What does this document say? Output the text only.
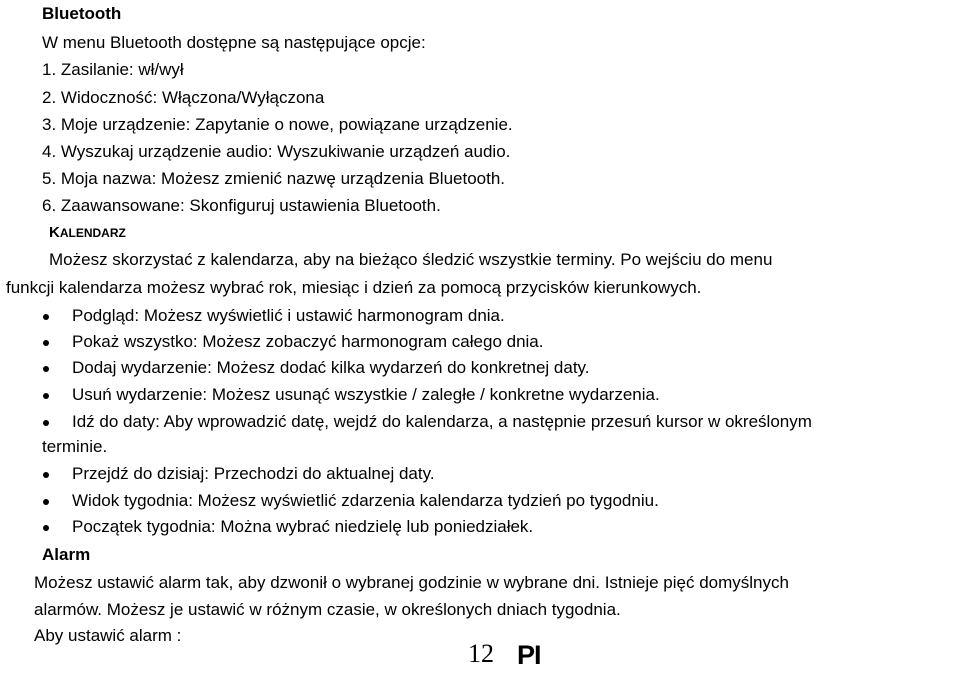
Bluetooth
W menu Bluetooth dostępne są następujące opcje:
1. Zasilanie: wł/wył
2. Widoczność: Włączona/Wyłączona
3. Moje urządzenie: Zapytanie o nowe, powiązane urządzenie.
4. Wyszukaj urządzenie audio: Wyszukiwanie urządzeń audio.
5. Moja nazwa: Możesz zmienić nazwę urządzenia Bluetooth.
6. Zaawansowane: Skonfiguruj ustawienia Bluetooth.
KALENDARZ
Możesz skorzystać z kalendarza, aby na bieżąco śledzić wszystkie terminy. Po wejściu do menu
funkcji kalendarza możesz wybrać rok, miesiąc i dzień za pomocą przycisków kierunkowych.
Podgląd: Możesz wyświetlić i ustawić harmonogram dnia.
Pokaż wszystko: Możesz zobaczyć harmonogram całego dnia.
Dodaj wydarzenie: Możesz dodać kilka wydarzeń do konkretnej daty.
Usuń wydarzenie: Możesz usunąć wszystkie / zaległe / konkretne wydarzenia.
Idź do daty: Aby wprowadzić datę, wejdź do kalendarza, a następnie przesuń kursor w określonym
terminie.
Przejdź do dzisiaj: Przechodzi do aktualnej daty.
Widok tygodnia: Możesz wyświetlić zdarzenia kalendarza tydzień po tygodniu.
Początek tygodnia: Można wybrać niedzielę lub poniedziałek.
Alarm
Możesz ustawić alarm tak, aby dzwonił o wybranej godzinie w wybrane dni. Istnieje pięć domyślnych
alarmów. Możesz je ustawić w różnym czasie, w określonych dniach tygodnia.
Aby ustawić alarm :
12 PI
